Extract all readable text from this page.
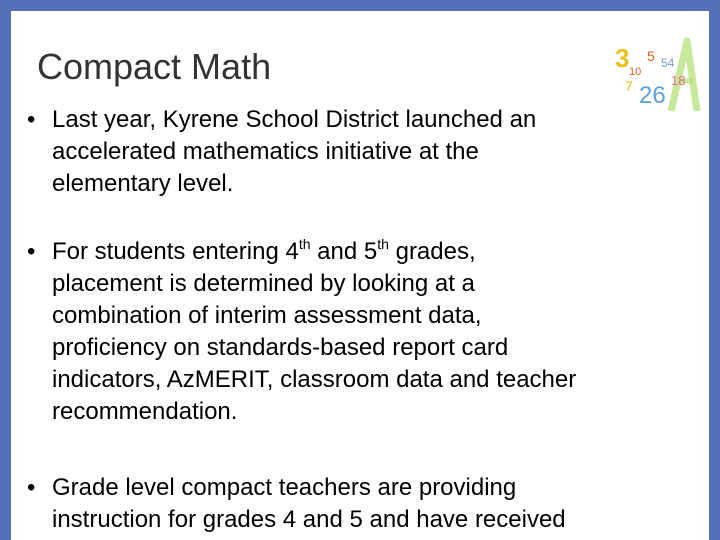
Compact Math	3 10
5 54
7 26
18
• Last year, Kyrene School District launched an
accelerated mathematics initiative at the
elementary level.
• For students entering 4th and 5th grades,
placement is determined by looking at a
combination of interim assessment data,
proficiency on standards-based report card
indicators, AzMERIT, classroom data and teacher
recommendation.
• Grade level compact teachers are providing
instruction for grades 4 and 5 and have received
